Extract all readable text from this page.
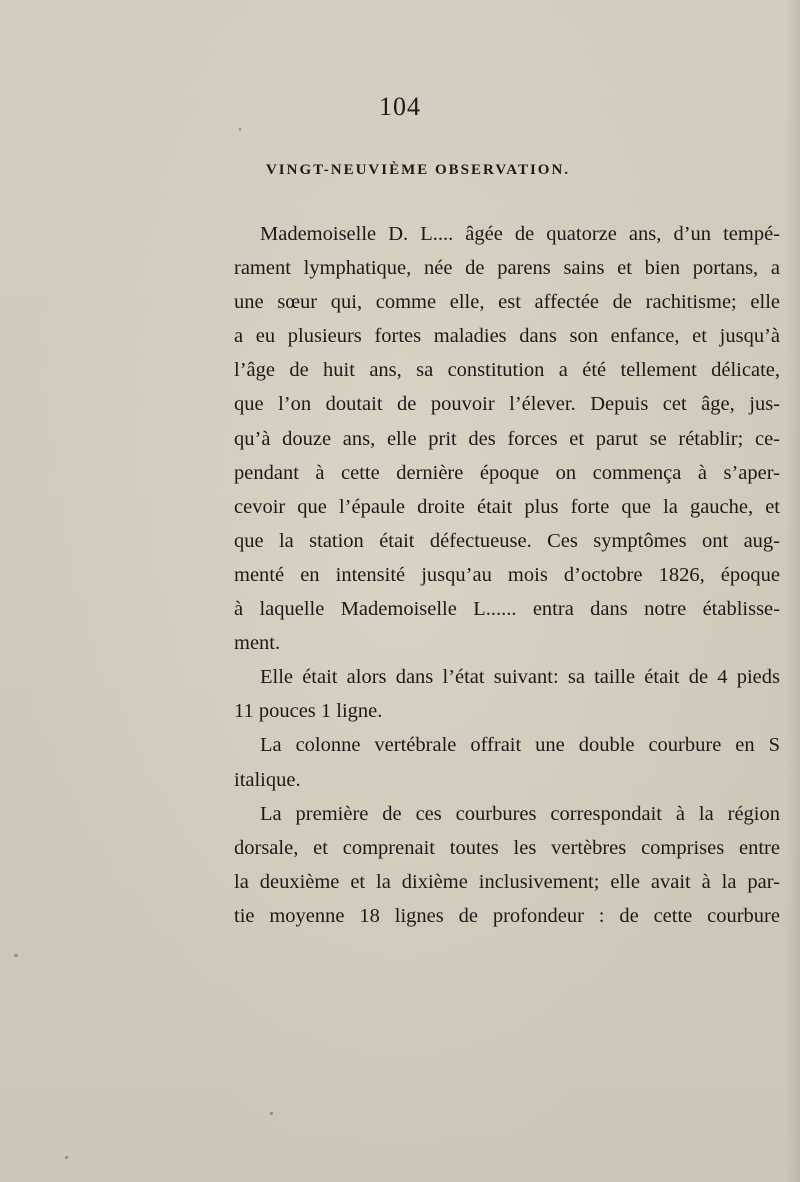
104
VINGT-NEUVIÈME OBSERVATION.
Mademoiselle D. L.... âgée de quatorze ans, d’un tempé-
rament lymphatique, née de parens sains et bien portans, a
une sœur qui, comme elle, est affectée de rachitisme; elle
a eu plusieurs fortes maladies dans son enfance, et jusqu’à
l’âge de huit ans, sa constitution a été tellement délicate,
que l’on doutait de pouvoir l’élever. Depuis cet âge, jus-
qu’à douze ans, elle prit des forces et parut se rétablir; ce-
pendant à cette dernière époque on commença à s’aper-
cevoir que l’épaule droite était plus forte que la gauche, et
que la station était défectueuse. Ces symptômes ont aug-
menté en intensité jusqu’au mois d’octobre 1826, époque
à laquelle Mademoiselle L...... entra dans notre établisse-
ment.
Elle était alors dans l’état suivant: sa taille était de 4 pieds
11 pouces 1 ligne.
La colonne vertébrale offrait une double courbure en S
italique.
La première de ces courbures correspondait à la région
dorsale, et comprenait toutes les vertèbres comprises entre
la deuxième et la dixième inclusivement; elle avait à la par-
tie moyenne 18 lignes de profondeur : de cette courbure
